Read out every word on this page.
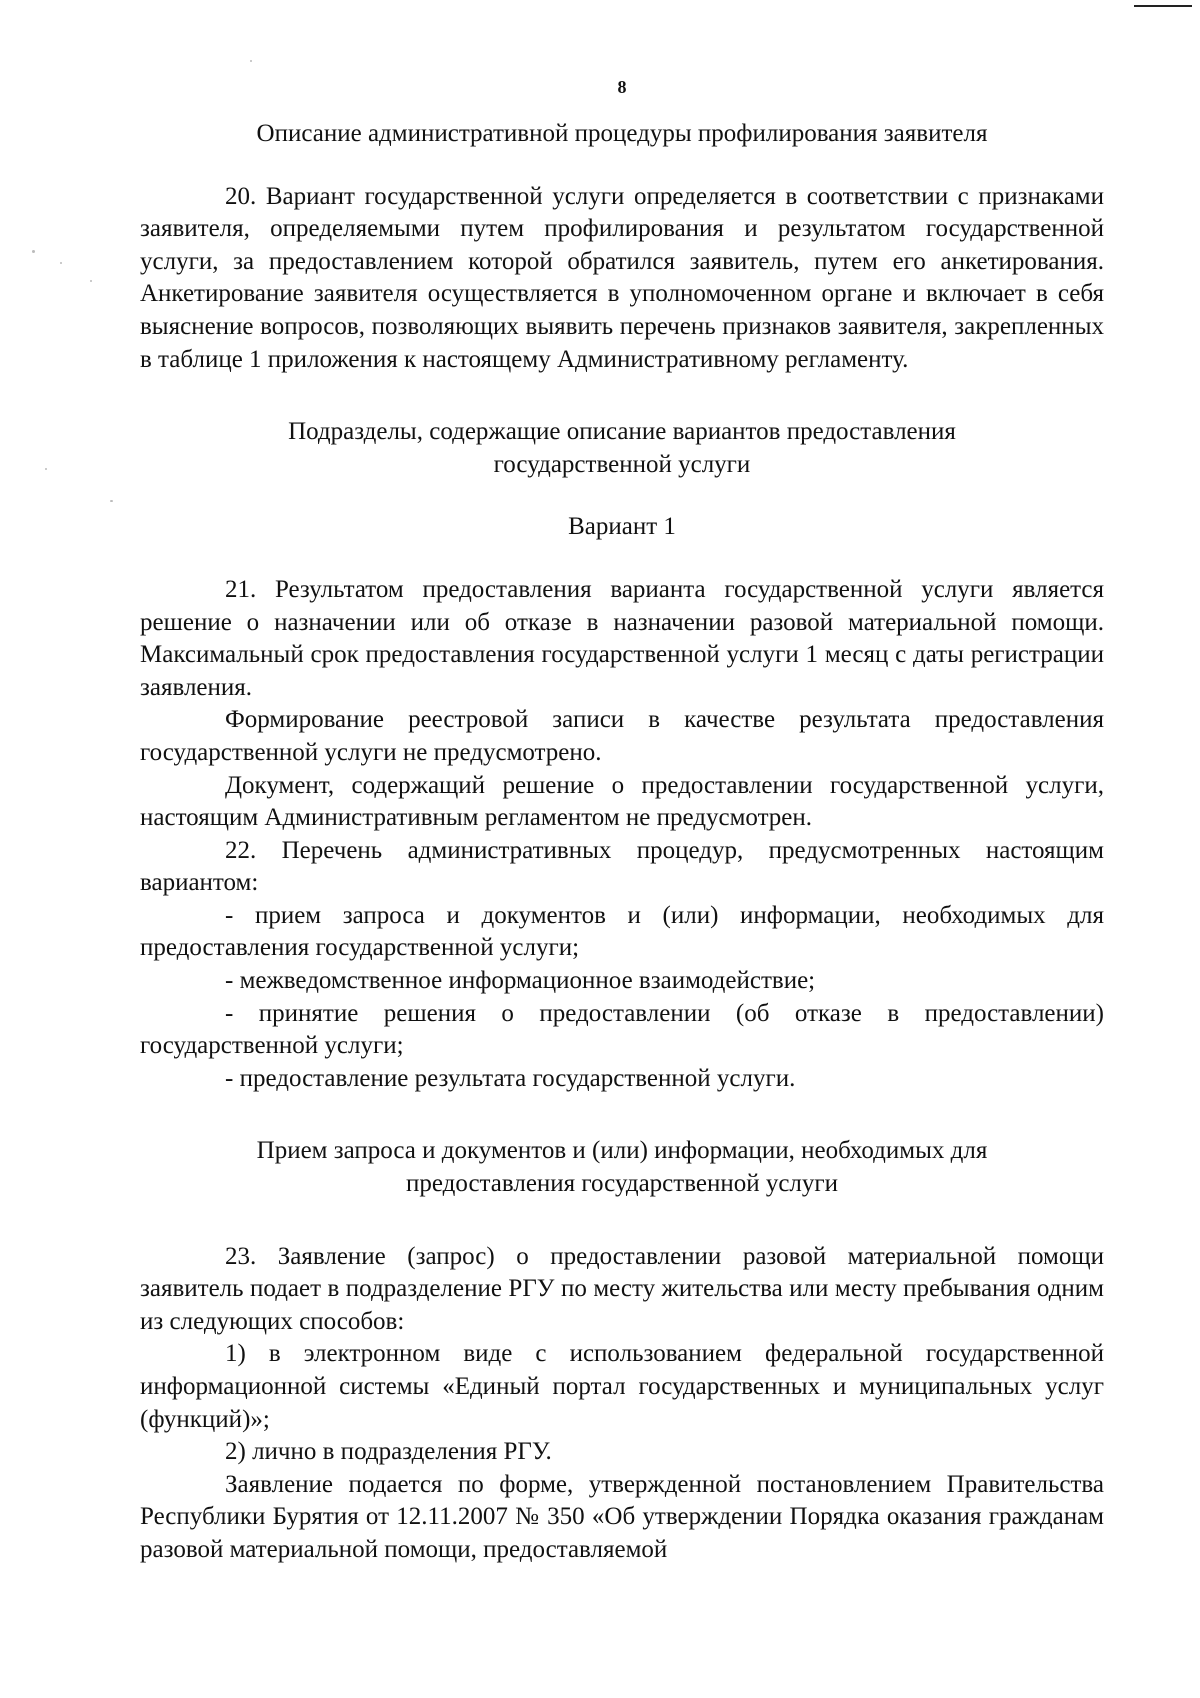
8
Описание административной процедуры профилирования заявителя
20. Вариант государственной услуги определяется в соответствии с признаками заявителя, определяемыми путем профилирования и результатом государственной услуги, за предоставлением которой обратился заявитель, путем его анкетирования. Анкетирование заявителя осуществляется в уполномоченном органе и включает в себя выяснение вопросов, позволяющих выявить перечень признаков заявителя, закрепленных в таблице 1 приложения к настоящему Административному регламенту.
Подразделы, содержащие описание вариантов предоставления
государственной услуги
Вариант 1
21. Результатом предоставления варианта государственной услуги является решение о назначении или об отказе в назначении разовой материальной помощи. Максимальный срок предоставления государственной услуги 1 месяц с даты регистрации заявления.
Формирование реестровой записи в качестве результата предоставления государственной услуги не предусмотрено.
Документ, содержащий решение о предоставлении государственной услуги, настоящим Административным регламентом не предусмотрен.
22. Перечень административных процедур, предусмотренных настоящим вариантом:
- прием запроса и документов и (или) информации, необходимых для предоставления государственной услуги;
- межведомственное информационное взаимодействие;
- принятие решения о предоставлении (об отказе в предоставлении) государственной услуги;
- предоставление результата государственной услуги.
Прием запроса и документов и (или) информации, необходимых для
предоставления государственной услуги
23. Заявление (запрос) о предоставлении разовой материальной помощи заявитель подает в подразделение РГУ по месту жительства или месту пребывания одним из следующих способов:
1) в электронном виде с использованием федеральной государственной информационной системы «Единый портал государственных и муниципальных услуг (функций)»;
2) лично в подразделения РГУ.
Заявление подается по форме, утвержденной постановлением Правительства Республики Бурятия от 12.11.2007 № 350 «Об утверждении Порядка оказания гражданам разовой материальной помощи, предоставляемой
